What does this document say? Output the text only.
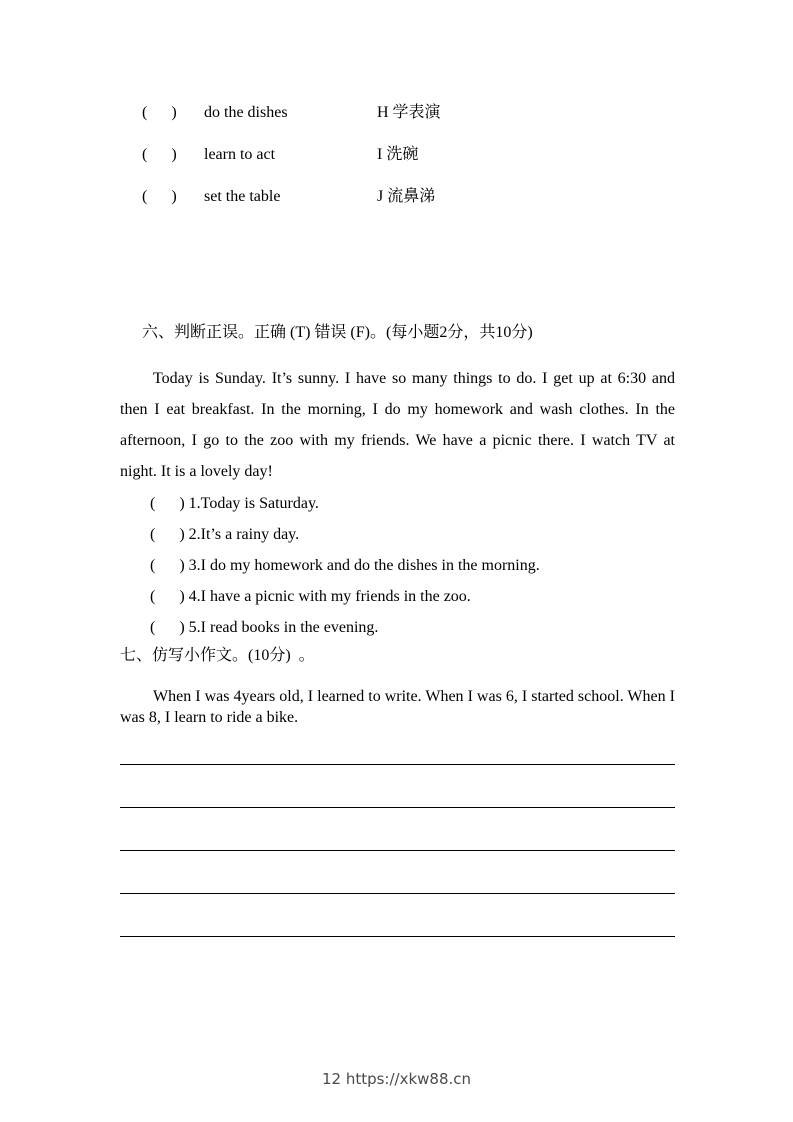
(      )	do the dishes	H 学表演
(      )	learn to act	I 洗碗
(      )	set the table	J 流鼻涕
六、判断正误。正确 (T) 错误 (F)。(每小题2分，共10分)

Today is Sunday. It’s sunny. I have so many things to do. I get up at 6:30 and then I eat breakfast. In the morning, I do my homework and wash clothes. In the afternoon, I go to the zoo with my friends. We have a picnic there. I watch TV at night. It is a lovely day!

(      ) 1.Today is Saturday.
(      ) 2.It’s a rainy day.
(      ) 3.I do my homework and do the dishes in the morning.
(      ) 4.I have a picnic with my friends in the zoo.
(      ) 5.I read books in the evening.
七、仿写小作文。(10分)  。

When I was 4years old, I learned to write. When I was 6, I started school. When I was 8, I learn to ride a bike.

12 https://xkw88.cn
